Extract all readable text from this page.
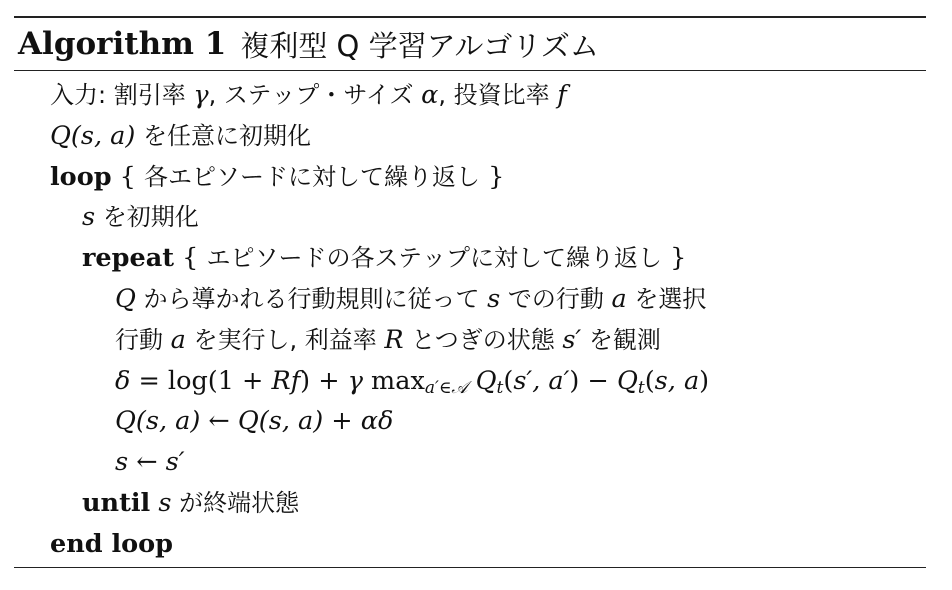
Algorithm 1 複利型 Q 学習アルゴリズム
入力: 割引率 γ, ステップ・サイズ α, 投資比率 f
Q(s, a) を任意に初期化
loop { 各エピソードに対して繰り返し }
s を初期化
repeat { エピソードの各ステップに対して繰り返し }
Q から導かれる行動規則に従って s での行動 a を選択
行動 a を実行し, 利益率 R とつぎの状態 s′ を観測
δ = log(1 + Rf) + γ $\max_{a'\in 𝒜} Q_t(s'$, $a') - Q_t(s$, a)
Q(s, a) ← Q(s, a) + αδ
s ← s′
until s が終端状態
end loop
